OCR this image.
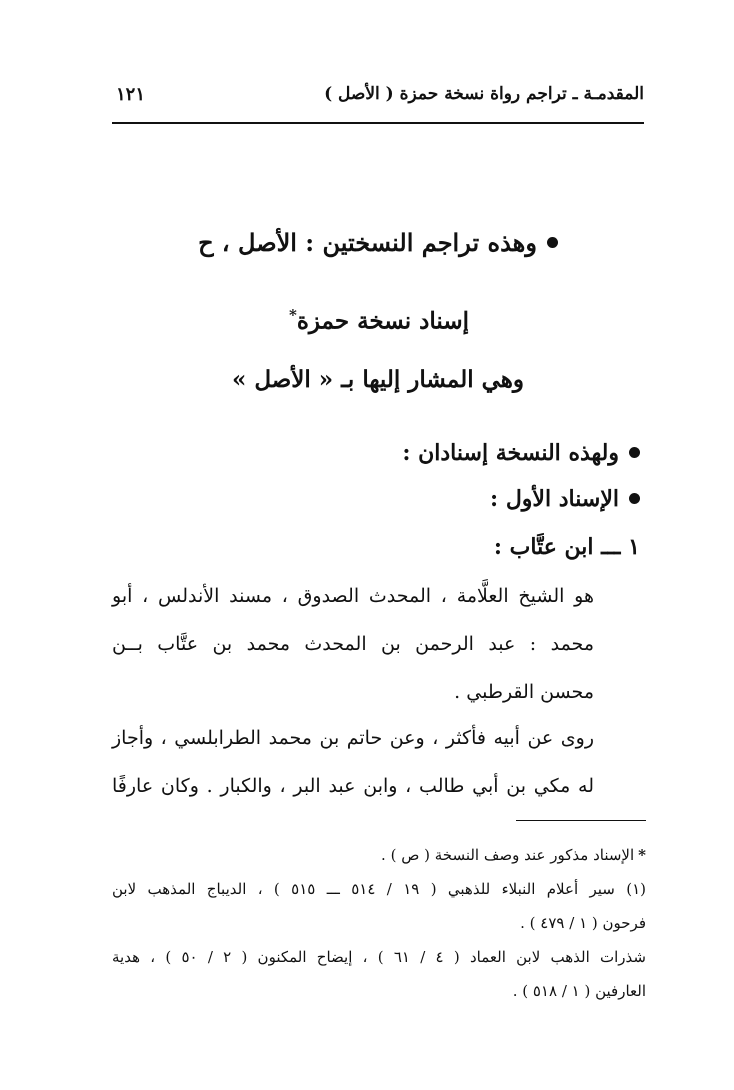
المقدمـة ـ تراجم رواة نسخة حمزة ( الأصل )
١٢١
وهذه تراجم النسختين : الأصل ، ح
إسناد نسخة حمزة*
وهي المشار إليها بـ « الأصل »
ولهذه النسخة إسنادان :
الإسناد الأول :
١ ـــ ابن عتَّاب :
هو الشيخ العلَّامة ، المحدث الصدوق ، مسند الأندلس ، أبو
محمد : عبد الرحمن بن المحدث محمد بن عتَّاب بــن
محسن القرطبي .
روى عن أبيه فأكثر ، وعن حاتم بن محمد الطرابلسي ، وأجاز
له مكي بن أبي طالب ، وابن عبد البر ، والكبار . وكان عارفًا
*الإسناد مذكور عند وصف النسخة ( ص ) .
(١) سير أعلام النبلاء للذهبي ( ١٩ / ٥١٤ ـــ ٥١٥ ) ، الديباج المذهب لابن
فرحون ( ١ / ٤٧٩ ) .
شذرات الذهب لابن العماد ( ٤ / ٦١ ) ، إيضاح المكنون ( ٢ / ٥٠ ) ، هدية
العارفين ( ١ / ٥١٨ ) .
